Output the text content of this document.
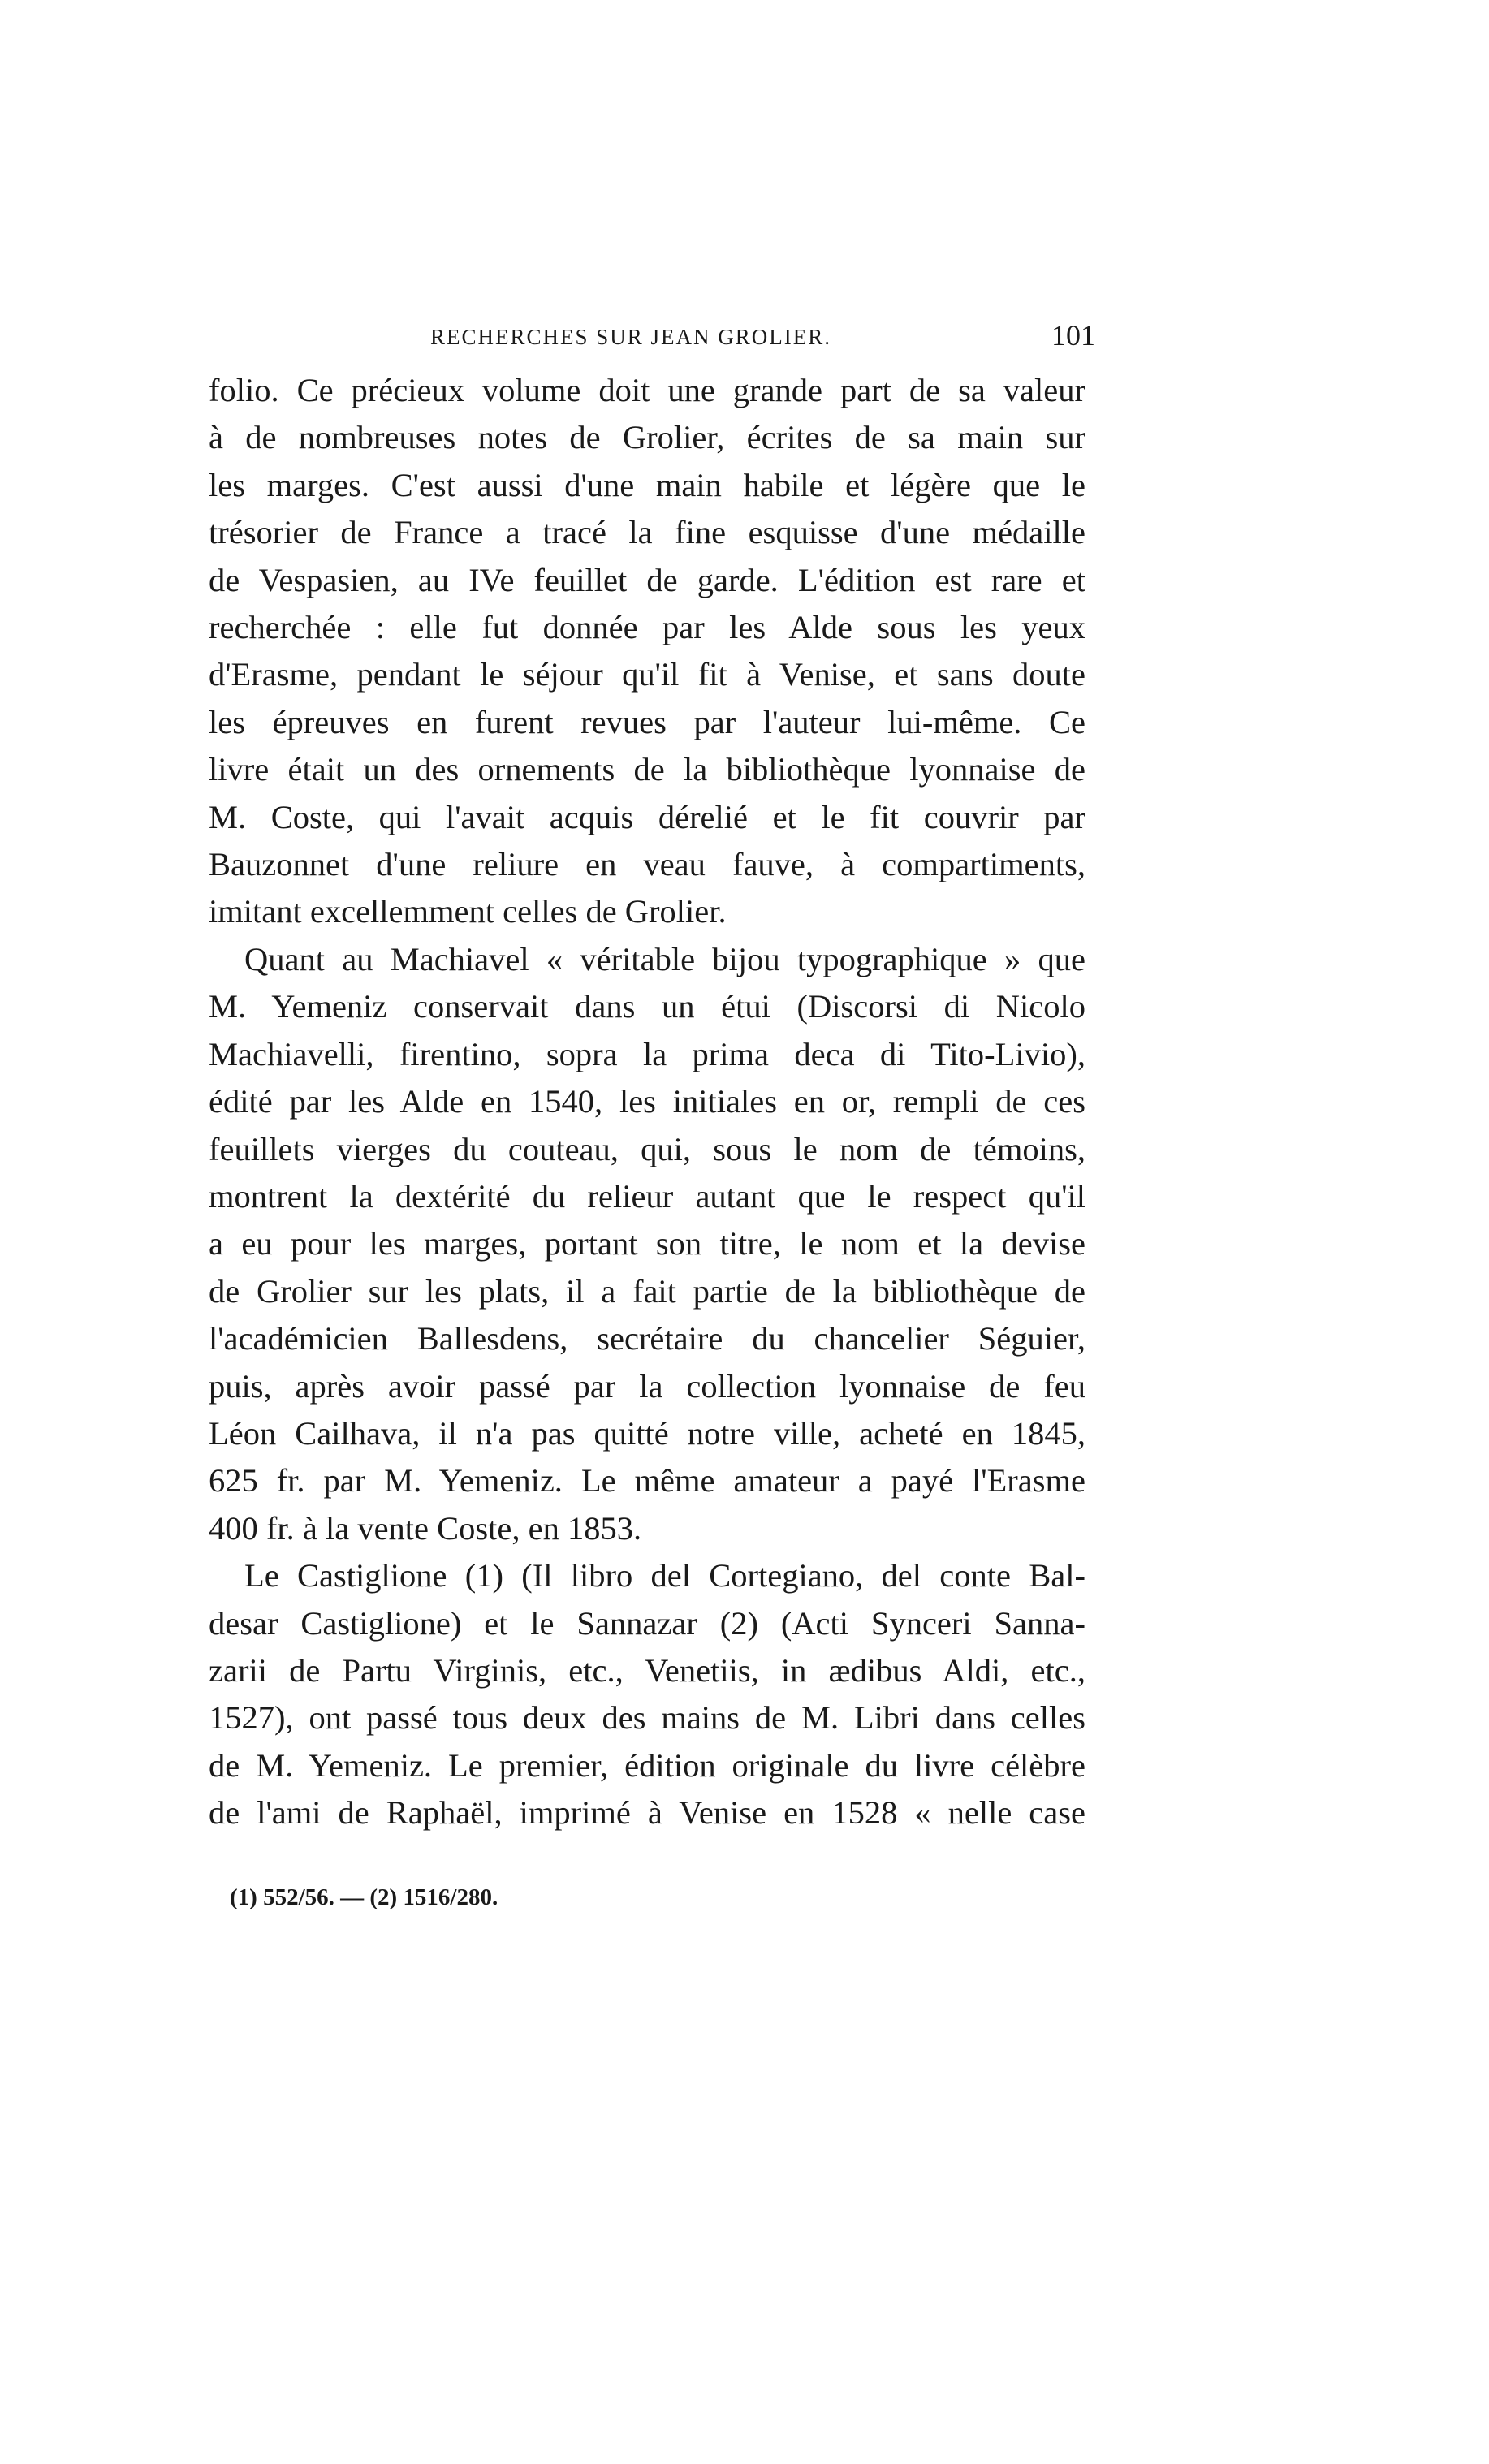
RECHERCHES SUR JEAN GROLIER.	101

folio. Ce précieux volume doit une grande part de sa valeur
à de nombreuses notes de Grolier, écrites de sa main sur
les marges. C'est aussi d'une main habile et légère que le
trésorier de France a tracé la fine esquisse d'une médaille
de Vespasien, au IVe feuillet de garde. L'édition est rare et
recherchée : elle fut donnée par les Alde sous les yeux
d'Erasme, pendant le séjour qu'il fit à Venise, et sans doute
les épreuves en furent revues par l'auteur lui-même. Ce
livre était un des ornements de la bibliothèque lyonnaise de
M. Coste, qui l'avait acquis dérelié et le fit couvrir par
Bauzonnet d'une reliure en veau fauve, à compartiments,
imitant excellemment celles de Grolier.

Quant au Machiavel « véritable bijou typographique » que
M. Yemeniz conservait dans un étui (Discorsi di Nicolo
Machiavelli, firentino, sopra la prima deca di Tito-Livio),
édité par les Alde en 1540, les initiales en or, rempli de ces
feuillets vierges du couteau, qui, sous le nom de témoins,
montrent la dextérité du relieur autant que le respect qu'il
a eu pour les marges, portant son titre, le nom et la devise
de Grolier sur les plats, il a fait partie de la bibliothèque de
l'académicien Ballesdens, secrétaire du chancelier Séguier,
puis, après avoir passé par la collection lyonnaise de feu
Léon Cailhava, il n'a pas quitté notre ville, acheté en 1845,
625 fr. par M. Yemeniz. Le même amateur a payé l'Erasme
400 fr. à la vente Coste, en 1853.

Le Castiglione (1) (Il libro del Cortegiano, del conte Bal-
desar Castiglione) et le Sannazar (2) (Acti Synceri Sanna-
zarii de Partu Virginis, etc., Venetiis, in ædibus Aldi, etc.,
1527), ont passé tous deux des mains de M. Libri dans celles
de M. Yemeniz. Le premier, édition originale du livre célèbre
de l'ami de Raphaël, imprimé à Venise en 1528 « nelle case

(1) 552/56. — (2) 1516/280.
